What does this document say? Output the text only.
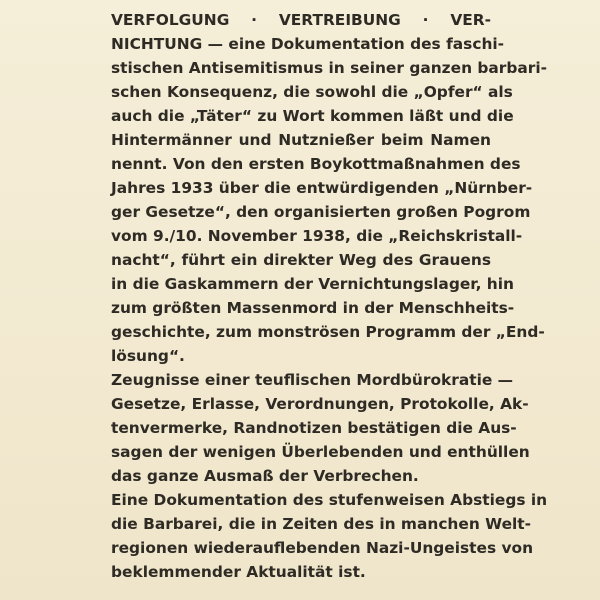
VERFOLGUNG · VERTREIBUNG · VER-
NICHTUNG — eine Dokumentation des faschi-
stischen Antisemitismus in seiner ganzen barbari-
schen Konsequenz, die sowohl die „Opfer“ als
auch die „Täter“ zu Wort kommen läßt und die
Hintermänner und Nutznießer beim Namen
nennt. Von den ersten Boykottmaßnahmen des
Jahres 1933 über die entwürdigenden „Nürnber-
ger Gesetze“, den organisierten großen Pogrom
vom 9./10. November 1938, die „Reichskristall-
nacht“, führt ein direkter Weg des Grauens
in die Gaskammern der Vernichtungslager, hin
zum größten Massenmord in der Menschheits-
geschichte, zum monströsen Programm der „End-
lösung“.
Zeugnisse einer teuflischen Mordbürokratie —
Gesetze, Erlasse, Verordnungen, Protokolle, Ak-
tenvermerke, Randnotizen bestätigen die Aus-
sagen der wenigen Überlebenden und enthüllen
das ganze Ausmaß der Verbrechen.
Eine Dokumentation des stufenweisen Abstiegs in
die Barbarei, die in Zeiten des in manchen Welt-
regionen wiederauflebenden Nazi-Ungeistes von
beklemmender Aktualität ist.
